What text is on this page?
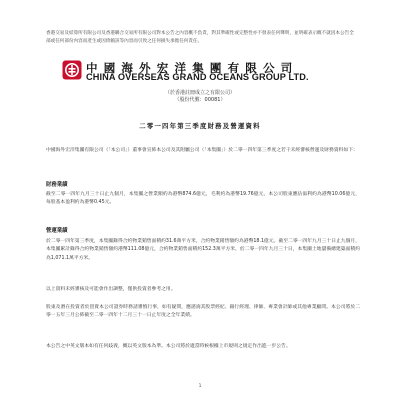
香港交易及結算所有限公司及香港聯合交易所有限公司對本公告之內容概不負責，對其準確性或完整性亦不發表任何聲明，並明確表示概不就因本公告全部或任何部份內容而產生或因倚賴該等內容而引致之任何損失承擔任何責任。
中國海外宏洋集團有限公司
CHINA OVERSEAS GRAND OCEANS GROUP LTD.
（於香港註冊成立之有限公司）
（股份代號：00081）
二零一四年第三季度財務及營運資料
中國海外宏洋集團有限公司（「本公司」）董事會宣佈本公司及其附屬公司（「本集團」）於二零一四年第三季度之若干未經審核營運及財務資料如下：
財務業績
截至二零一四年九月三十日止九個月，本集團之營業額約為港幣874.6億元，毛利約為港幣19.76億元，本公司股東應佔溢利約為港幣10.06億元，每股基本盈利約為港幣0.45元。
營運業績
於二零一四年第三季度，本集團錄得合約物業銷售面積約31.6萬平方米，合約物業銷售額約為港幣18.1億元。截至二零一四年九月三十日止九個月，本集團累計錄得合約物業銷售額約港幣111.08億元，合約物業銷售面積約152.3萬平方米，於二零一四年九月三十日，本集團土地儲備總建築面積約為1,071.1萬平方米。
以上資料未經審核及可能會作出調整，僅供投資者參考之用。
股東及潛在投資者於買賣本公司證券時務請審慎行事，如有疑問，應諮詢其股票經紀、銀行經理、律師、專業會計師或其他專業顧問。本公司將於二零一五年三月公佈截至二零一四年十二月三十一日止年度之全年業績。
本公告之中英文版本如有任何歧義，概以英文版本為準。本公司將於適當時候根據上市規則之規定作出進一步公告。
1
